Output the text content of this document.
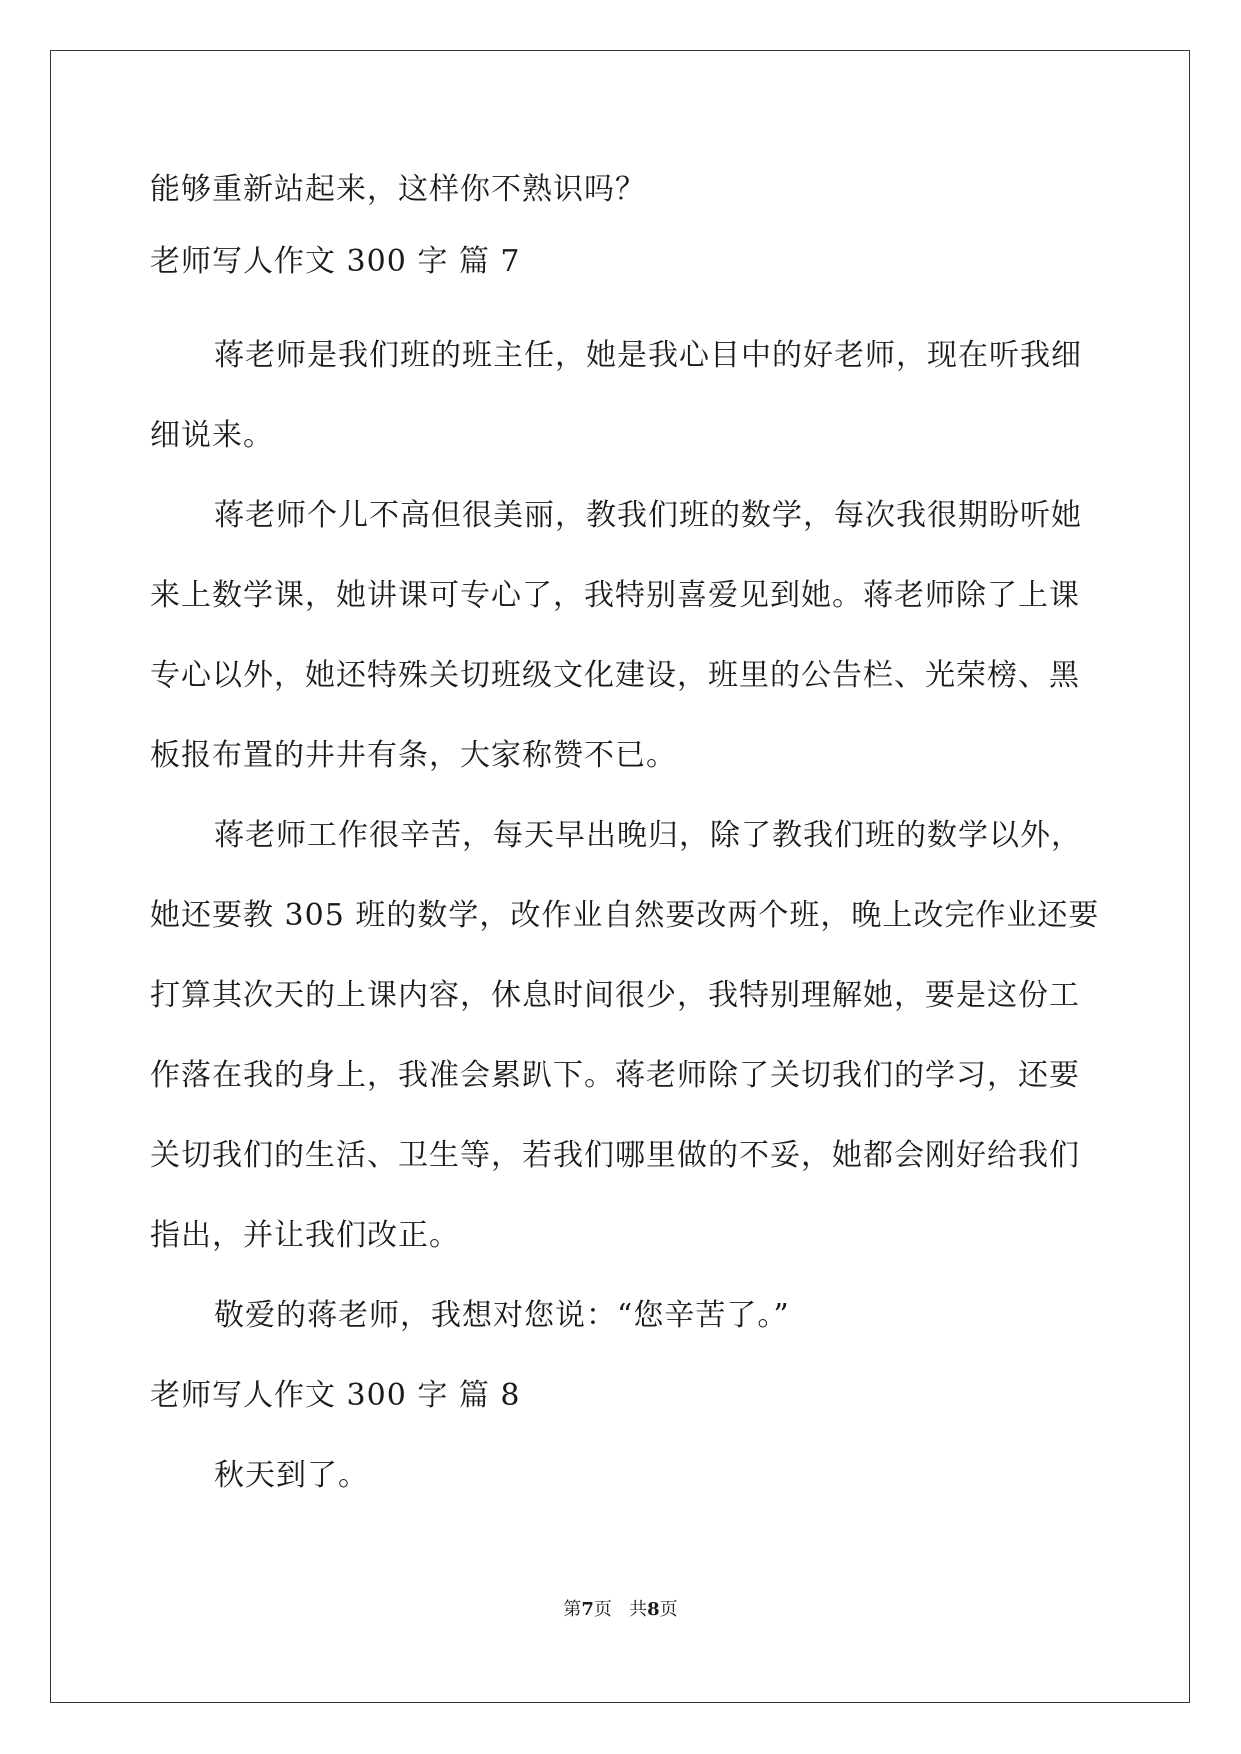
能够重新站起来，这样你不熟识吗？
老师写人作文 300 字 篇 7
蒋老师是我们班的班主任，她是我心目中的好老师，现在听我细
细说来。
蒋老师个儿不高但很美丽，教我们班的数学，每次我很期盼听她
来上数学课，她讲课可专心了，我特别喜爱见到她。蒋老师除了上课
专心以外，她还特殊关切班级文化建设，班里的公告栏、光荣榜、黑
板报布置的井井有条，大家称赞不已。
蒋老师工作很辛苦，每天早出晚归，除了教我们班的数学以外，
她还要教 305 班的数学，改作业自然要改两个班，晚上改完作业还要
打算其次天的上课内容，休息时间很少，我特别理解她，要是这份工
作落在我的身上，我准会累趴下。蒋老师除了关切我们的学习，还要
关切我们的生活、卫生等，若我们哪里做的不妥，她都会刚好给我们
指出，并让我们改正。
敬爱的蒋老师，我想对您说：“您辛苦了。”
老师写人作文 300 字 篇 8
秋天到了。
第7页   共8页
